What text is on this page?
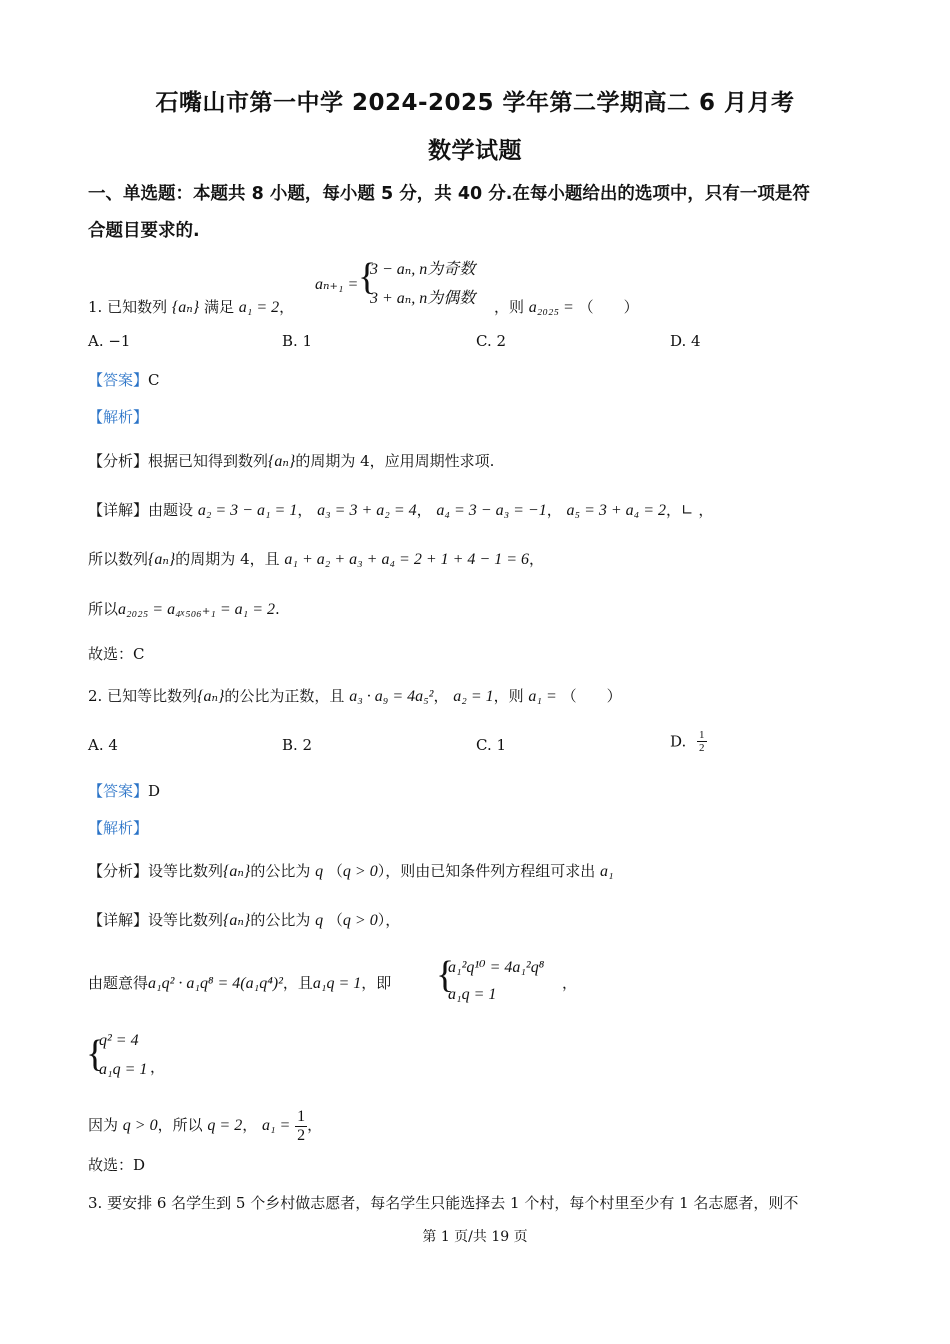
石嘴山市第一中学 2024-2025 学年第二学期高二 6 月月考
数学试题
一、单选题：本题共 8 小题，每小题 5 分，共 40 分.在每小题给出的选项中，只有一项是符
合题目要求的.
1. 已知数列 {aₙ} 满足 a₁ = 2，
aₙ₊₁ = {
3 − aₙ, n为奇数
3 + aₙ, n为偶数 ，则 a₂₀₂₅ = （　　）
A. −1	B. 1	C. 2	D. 4
【答案】C
【解析】
【分析】根据已知得到数列{aₙ}的周期为 4，应用周期性求项.
【详解】由题设 a₂ = 3 − a₁ = 1， a₃ = 3 + a₂ = 4， a₄ = 3 − a₃ = −1， a₅ = 3 + a₄ = 2，∟ ，
所以数列{aₙ}的周期为 4，且 a₁ + a₂ + a₃ + a₄ = 2 + 1 + 4 − 1 = 6，
所以a₂₀₂₅ = a₄ₓ₅₀₆₊₁ = a₁ = 2.
故选：C
2. 已知等比数列{aₙ}的公比为正数，且 a₃ · a₉ = 4a₅²， a₂ = 1，则 a₁ = （　　）
A. 4	B. 2	C. 1	D. $\frac{1}{2}$
【答案】D
【解析】
【分析】设等比数列{aₙ}的公比为 q （q > 0），则由已知条件列方程组可求出 a₁
【详解】设等比数列{aₙ}的公比为 q （q > 0），
由题意得a₁q² · a₁q⁸ = 4(a₁q⁴)²，且a₁q = 1，即 {
a₁²q¹⁰ = 4a₁²q⁸
a₁q = 1
，
{
q² = 4
a₁q = 1 ，
因为 q > 0，所以 q = 2， $a_1 = \frac{1}{2}$ ，
故选：D
3. 要安排 6 名学生到 5 个乡村做志愿者，每名学生只能选择去 1 个村，每个村里至少有 1 名志愿者，则不
第 1 页/共 19 页
